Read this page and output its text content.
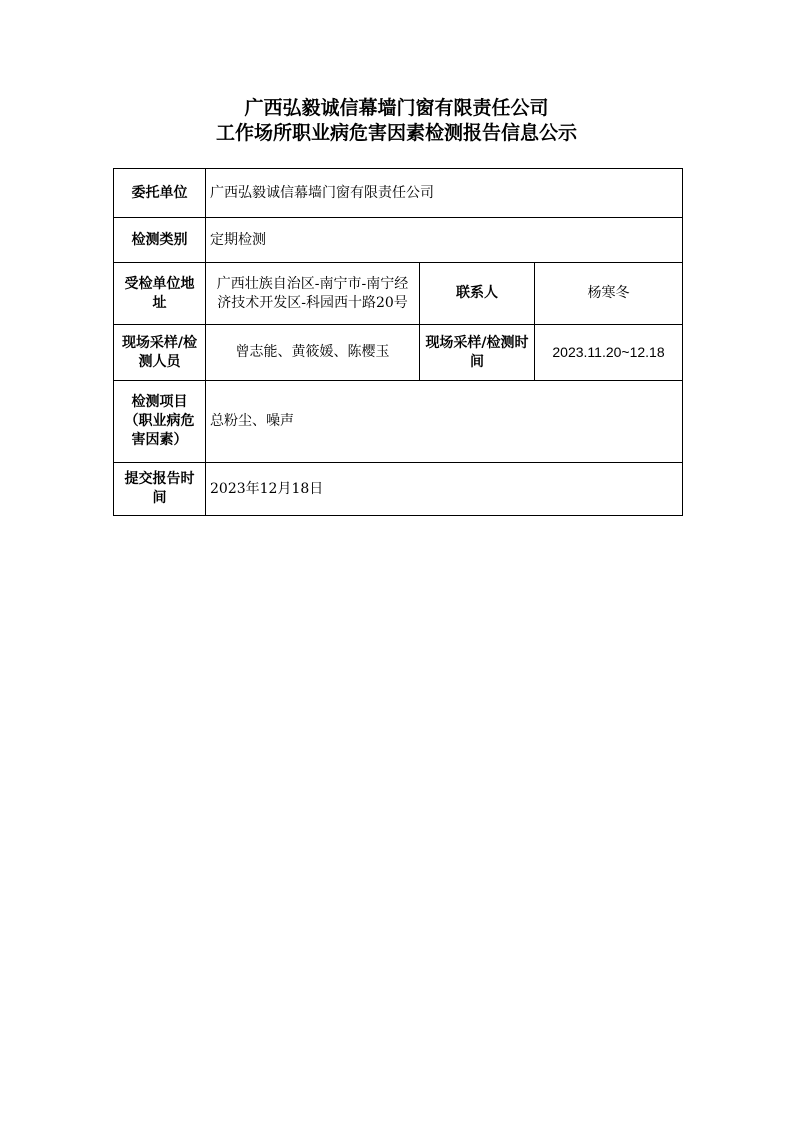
广西弘毅诚信幕墙门窗有限责任公司
工作场所职业病危害因素检测报告信息公示
委托单位	广西弘毅诚信幕墙门窗有限责任公司		
检测类别	定期检测		
受检单位地址	广西壮族自治区-南宁市-南宁经济技术开发区-科园西十路20号	联系人	杨寒冬
现场采样/检测人员	曾志能、黄筱媛、陈樱玉	现场采样/检测时间	2023.11.20~12.18
检测项目（职业病危害因素）	总粉尘、噪声		
提交报告时间	2023年12月18日		
